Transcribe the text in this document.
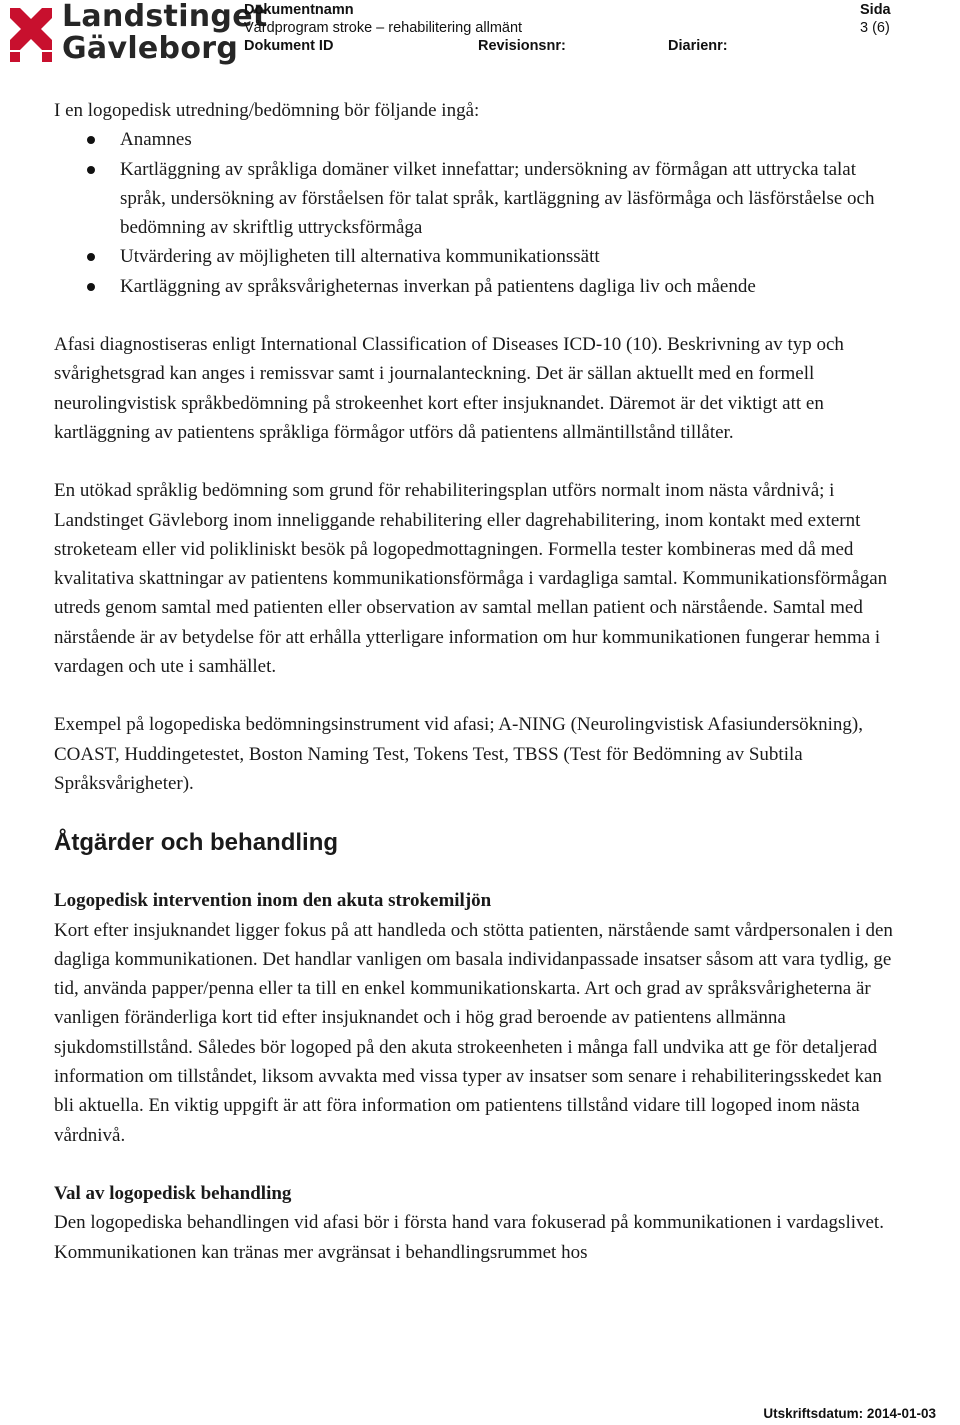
Landstinget
Gävleborg
Dokumentnamn
Vårdprogram stroke – rehabilitering allmänt
Dokument ID	Revisionsnr:	Diarienr:
Sida
3 (6)

I en logopedisk utredning/bedömning bör följande ingå:

Anamnes
Kartläggning av språkliga domäner vilket innefattar; undersökning av förmågan att uttrycka talat språk, undersökning av förståelsen för talat språk, kartläggning av läsförmåga och läsförståelse och bedömning av skriftlig uttrycksförmåga
Utvärdering av möjligheten till alternativa kommunikationssätt
Kartläggning av språksvårigheternas inverkan på patientens dagliga liv och mående

Afasi diagnostiseras enligt International Classification of Diseases ICD-10 (10). Beskrivning av typ och svårighetsgrad kan anges i remissvar samt i journalanteckning. Det är sällan aktuellt med en formell neurolingvistisk språkbedömning på strokeenhet kort efter insjuknandet. Däremot är det viktigt att en kartläggning av patientens språkliga förmågor utförs då patientens allmäntillstånd tillåter.

En utökad språklig bedömning som grund för rehabiliteringsplan utförs normalt inom nästa vårdnivå; i Landstinget Gävleborg inom inneliggande rehabilitering eller dagrehabilitering, inom kontakt med externt stroketeam eller vid polikliniskt besök på logopedmottagningen. Formella tester kombineras med då med kvalitativa skattningar av patientens kommunikationsförmåga i vardagliga samtal. Kommunikationsförmågan utreds genom samtal med patienten eller observation av samtal mellan patient och närstående. Samtal med närstående är av betydelse för att erhålla ytterligare information om hur kommunikationen fungerar hemma i vardagen och ute i samhället.

Exempel på logopediska bedömningsinstrument vid afasi; A-NING (Neurolingvistisk Afasiundersökning), COAST, Huddingetestet, Boston Naming Test, Tokens Test, TBSS (Test för Bedömning av Subtila Språksvårigheter).

Åtgärder och behandling
Logopedisk intervention inom den akuta strokemiljön

Kort efter insjuknandet ligger fokus på att handleda och stötta patienten, närstående samt vårdpersonalen i den dagliga kommunikationen. Det handlar vanligen om basala individanpassade insatser såsom att vara tydlig, ge tid, använda papper/penna eller ta till en enkel kommunikationskarta. Art och grad av språksvårigheterna är vanligen föränderliga kort tid efter insjuknandet och i hög grad beroende av patientens allmänna sjukdomstillstånd. Således bör logoped på den akuta strokeenheten i många fall undvika att ge för detaljerad information om tillståndet, liksom avvakta med vissa typer av insatser som senare i rehabiliteringsskedet kan bli aktuella. En viktig uppgift är att föra information om patientens tillstånd vidare till logoped inom nästa vårdnivå.

Val av logopedisk behandling

Den logopediska behandlingen vid afasi bör i första hand vara fokuserad på kommunikationen i vardagslivet. Kommunikationen kan tränas mer avgränsat i behandlingsrummet hos

Utskriftsdatum: 2014-01-03
